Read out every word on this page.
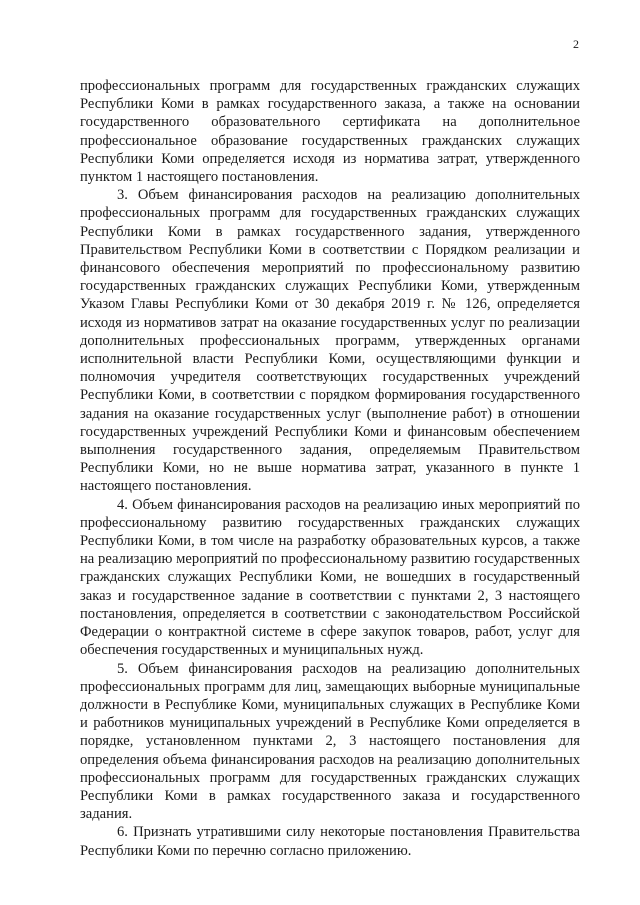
2

профессиональных программ для государственных гражданских служащих Республики Коми в рамках государственного заказа, а также на основании государственного образовательного сертификата на дополнительное профессиональное образование государственных гражданских служащих Республики Коми определяется исходя из норматива затрат, утвержденного пунктом 1 настоящего постановления.

3. Объем финансирования расходов на реализацию дополнительных профессиональных программ для государственных гражданских служащих Республики Коми в рамках государственного задания, утвержденного Правительством Республики Коми в соответствии с Порядком реализации и финансового обеспечения мероприятий по профессиональному развитию государственных гражданских служащих Республики Коми, утвержденным Указом Главы Республики Коми от 30 декабря 2019 г. № 126, определяется исходя из нормативов затрат на оказание государственных услуг по реализации дополнительных профессиональных программ, утвержденных органами исполнительной власти Республики Коми, осуществляющими функции и полномочия учредителя соответствующих государственных учреждений Республики Коми, в соответствии с порядком формирования государственного задания на оказание государственных услуг (выполнение работ) в отношении государственных учреждений Республики Коми и финансовым обеспечением выполнения государственного задания, определяемым Правительством Республики Коми, но не выше норматива затрат, указанного в пункте 1 настоящего постановления.

4. Объем финансирования расходов на реализацию иных мероприятий по профессиональному развитию государственных гражданских служащих Республики Коми, в том числе на разработку образовательных курсов, а также на реализацию мероприятий по профессиональному развитию государственных гражданских служащих Республики Коми, не вошедших в государственный заказ и государственное задание в соответствии с пунктами 2, 3 настоящего постановления, определяется в соответствии с законодательством Российской Федерации о контрактной системе в сфере закупок товаров, работ, услуг для обеспечения государственных и муниципальных нужд.

5. Объем финансирования расходов на реализацию дополнительных профессиональных программ для лиц, замещающих выборные муниципальные должности в Республике Коми, муниципальных служащих в Республике Коми и работников муниципальных учреждений в Республике Коми определяется в порядке, установленном пунктами 2, 3 настоящего постановления для определения объема финансирования расходов на реализацию дополнительных профессиональных программ для государственных гражданских служащих Республики Коми в рамках государственного заказа и государственного задания.

6. Признать утратившими силу некоторые постановления Правительства Республики Коми по перечню согласно приложению.
